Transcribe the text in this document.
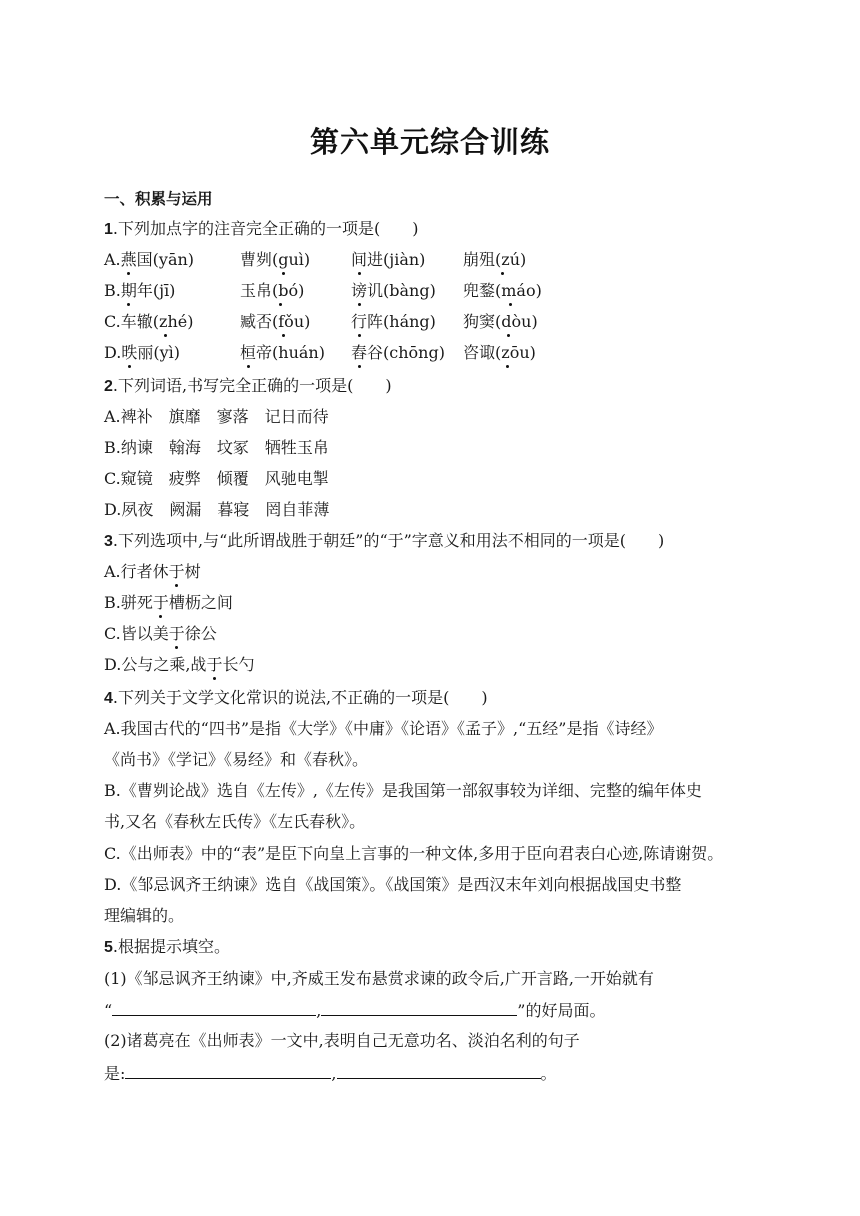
第六单元综合训练
一、积累与运用
1.下列加点字的注音完全正确的一项是(　　)
A.燕国(yān)	曹刿(guì)	间进(jiàn) 崩殂(zú)
B.期年(jī)	玉帛(bó)	谤讥(bàng) 兜鍪(máo)
C.车辙(zhé)	臧否(fǒu)	行阵(háng) 狗窦(dòu)
D.昳丽(yì)	桓帝(huán) 舂谷(chōng) 咨诹(zōu)
2.下列词语,书写完全正确的一项是(　　)
A.裨补　旗靡　寥落　记日而待
B.纳谏　翰海　坟冢　牺牲玉帛
C.窥镜　疲弊　倾覆　风驰电掣
D.夙夜　阙漏　暮寝　罔自菲薄
3.下列选项中,与“此所谓战胜于朝廷”的“于”字意义和用法不相同的一项是(　　)
A.行者休于树
B.骈死于槽枥之间
C.皆以美于徐公
D.公与之乘,战于长勺
4.下列关于文学文化常识的说法,不正确的一项是(　　)
A.我国古代的“四书”是指《大学》《中庸》《论语》《孟子》,“五经”是指《诗经》
《尚书》《学记》《易经》和《春秋》。
B.《曹刿论战》选自《左传》,《左传》是我国第一部叙事较为详细、完整的编年体史
书,又名《春秋左氏传》《左氏春秋》。
C.《出师表》中的“表”是臣下向皇上言事的一种文体,多用于臣向君表白心迹,陈请谢贺。
D.《邹忌讽齐王纳谏》选自《战国策》。《战国策》是西汉末年刘向根据战国史书整
理编辑的。
5.根据提示填空。
(1)《邹忌讽齐王纳谏》中,齐威王发布悬赏求谏的政令后,广开言路,一开始就有
“	,	”的好局面。
(2)诸葛亮在《出师表》一文中,表明自己无意功名、淡泊名利的句子
是:	,	。
